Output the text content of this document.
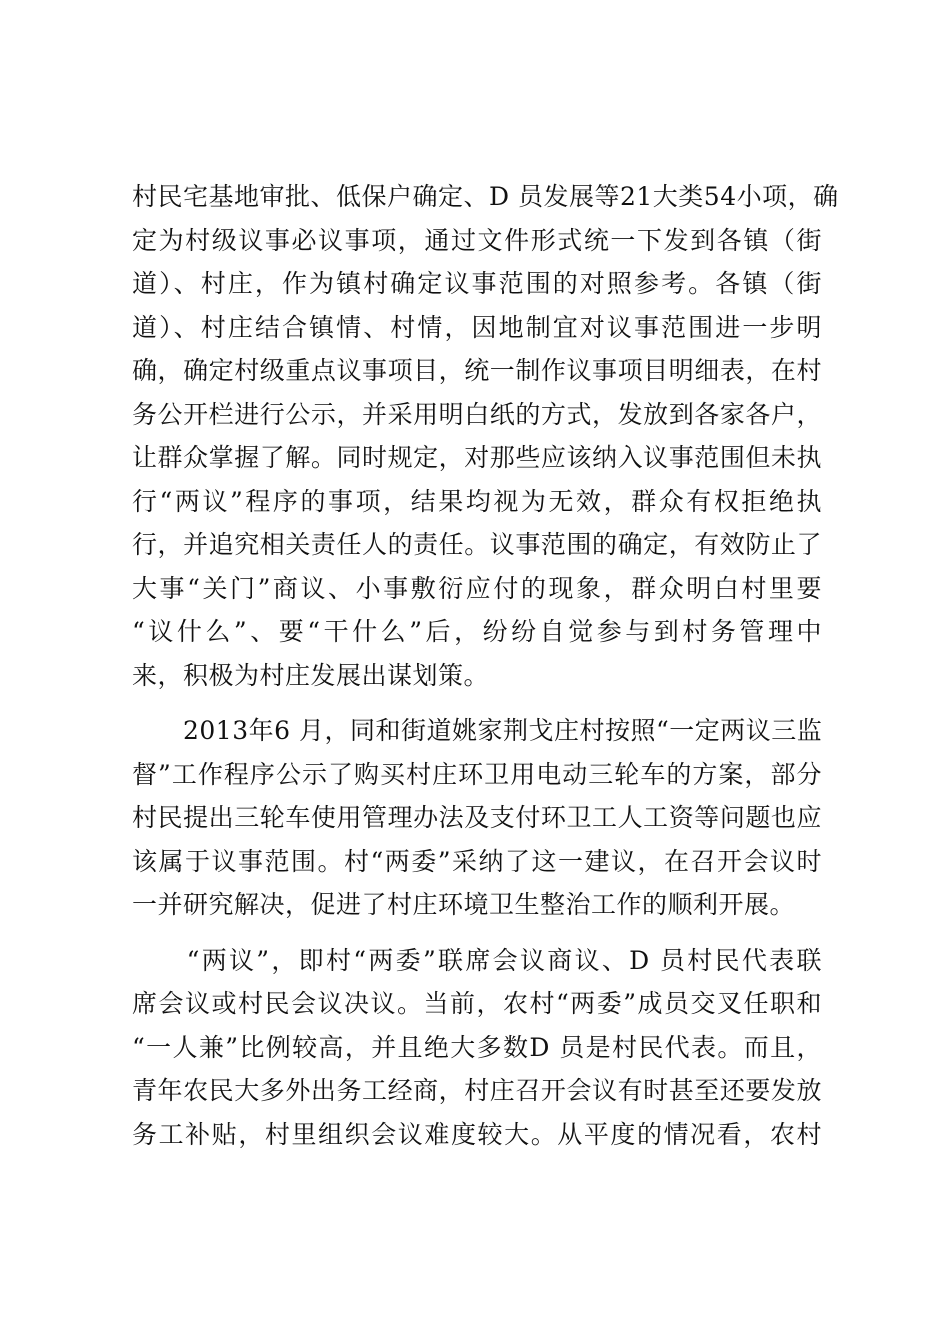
村民宅基地审批、低保户确定、D 员发展等21大类54小项，确
定为村级议事必议事项，通过文件形式统一下发到各镇（街
道）、村庄，作为镇村确定议事范围的对照参考。各镇（街
道）、村庄结合镇情、村情，因地制宜对议事范围进一步明
确，确定村级重点议事项目，统一制作议事项目明细表，在村
务公开栏进行公示，并采用明白纸的方式，发放到各家各户，
让群众掌握了解。同时规定，对那些应该纳入议事范围但未执
行“两议”程序的事项，结果均视为无效，群众有权拒绝执
行，并追究相关责任人的责任。议事范围的确定，有效防止了
大事“关门”商议、小事敷衍应付的现象，群众明白村里要
“议什么”、要“干什么”后，纷纷自觉参与到村务管理中
来，积极为村庄发展出谋划策。
　　2013年6 月，同和街道姚家荆戈庄村按照“一定两议三监
督”工作程序公示了购买村庄环卫用电动三轮车的方案，部分
村民提出三轮车使用管理办法及支付环卫工人工资等问题也应
该属于议事范围。村“两委”采纳了这一建议，在召开会议时
一并研究解决，促进了村庄环境卫生整治工作的顺利开展。
　　“两议”，即村“两委”联席会议商议、D 员村民代表联
席会议或村民会议决议。当前，农村“两委”成员交叉任职和
“一人兼”比例较高，并且绝大多数D 员是村民代表。而且，
青年农民大多外出务工经商，村庄召开会议有时甚至还要发放
务工补贴，村里组织会议难度较大。从平度的情况看，农村
